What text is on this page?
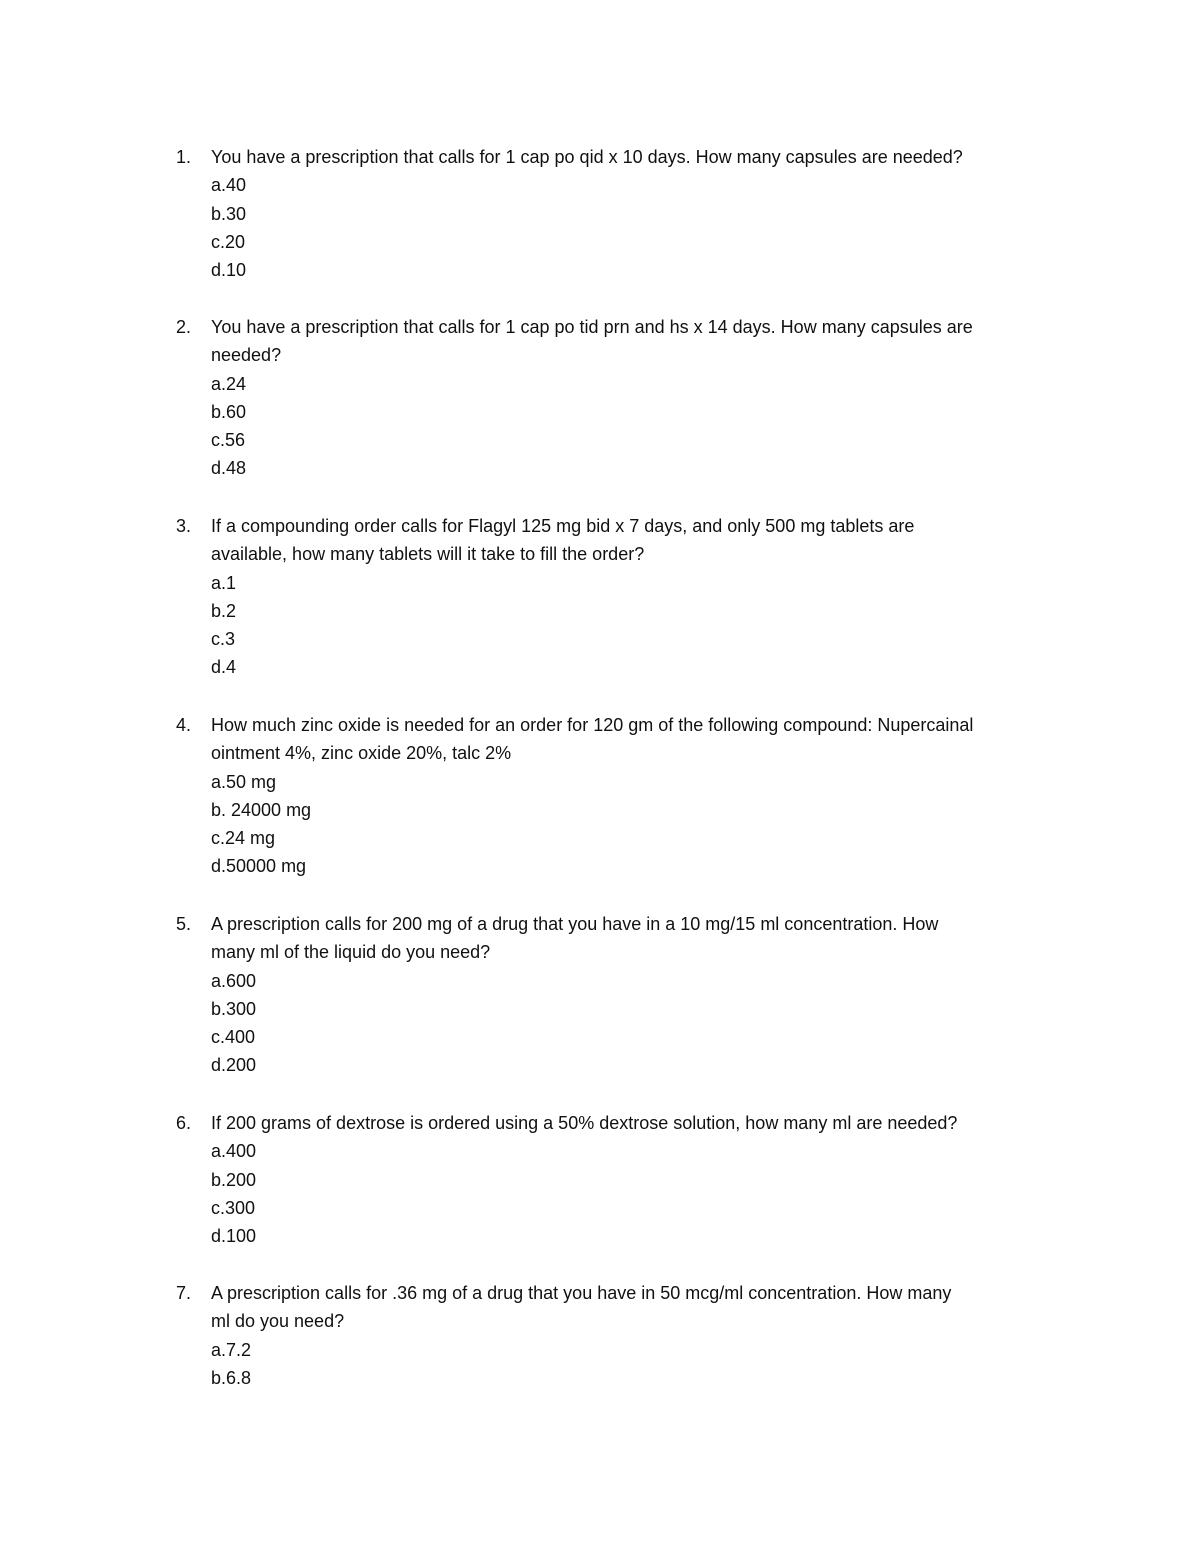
1. You have a prescription that calls for 1 cap po qid x 10 days. How many capsules are needed?
a.40
b.30
c.20
d.10
2. You have a prescription that calls for 1 cap po tid prn and hs x 14 days. How many capsules are
needed?
a.24
b.60
c.56
d.48
3. If a compounding order calls for Flagyl 125 mg bid x 7 days, and only 500 mg tablets are
available, how many tablets will it take to fill the order?
a.1
b.2
c.3
d.4
4. How much zinc oxide is needed for an order for 120 gm of the following compound: Nupercainal
ointment 4%, zinc oxide 20%, talc 2%
a.50 mg
b. 24000 mg
c.24 mg
d.50000 mg
5. A prescription calls for 200 mg of a drug that you have in a 10 mg/15 ml concentration. How
many ml of the liquid do you need?
a.600
b.300
c.400
d.200
6. If 200 grams of dextrose is ordered using a 50% dextrose solution, how many ml are needed?
a.400
b.200
c.300
d.100
7. A prescription calls for .36 mg of a drug that you have in 50 mcg/ml concentration. How many
ml do you need?
a.7.2
b.6.8
